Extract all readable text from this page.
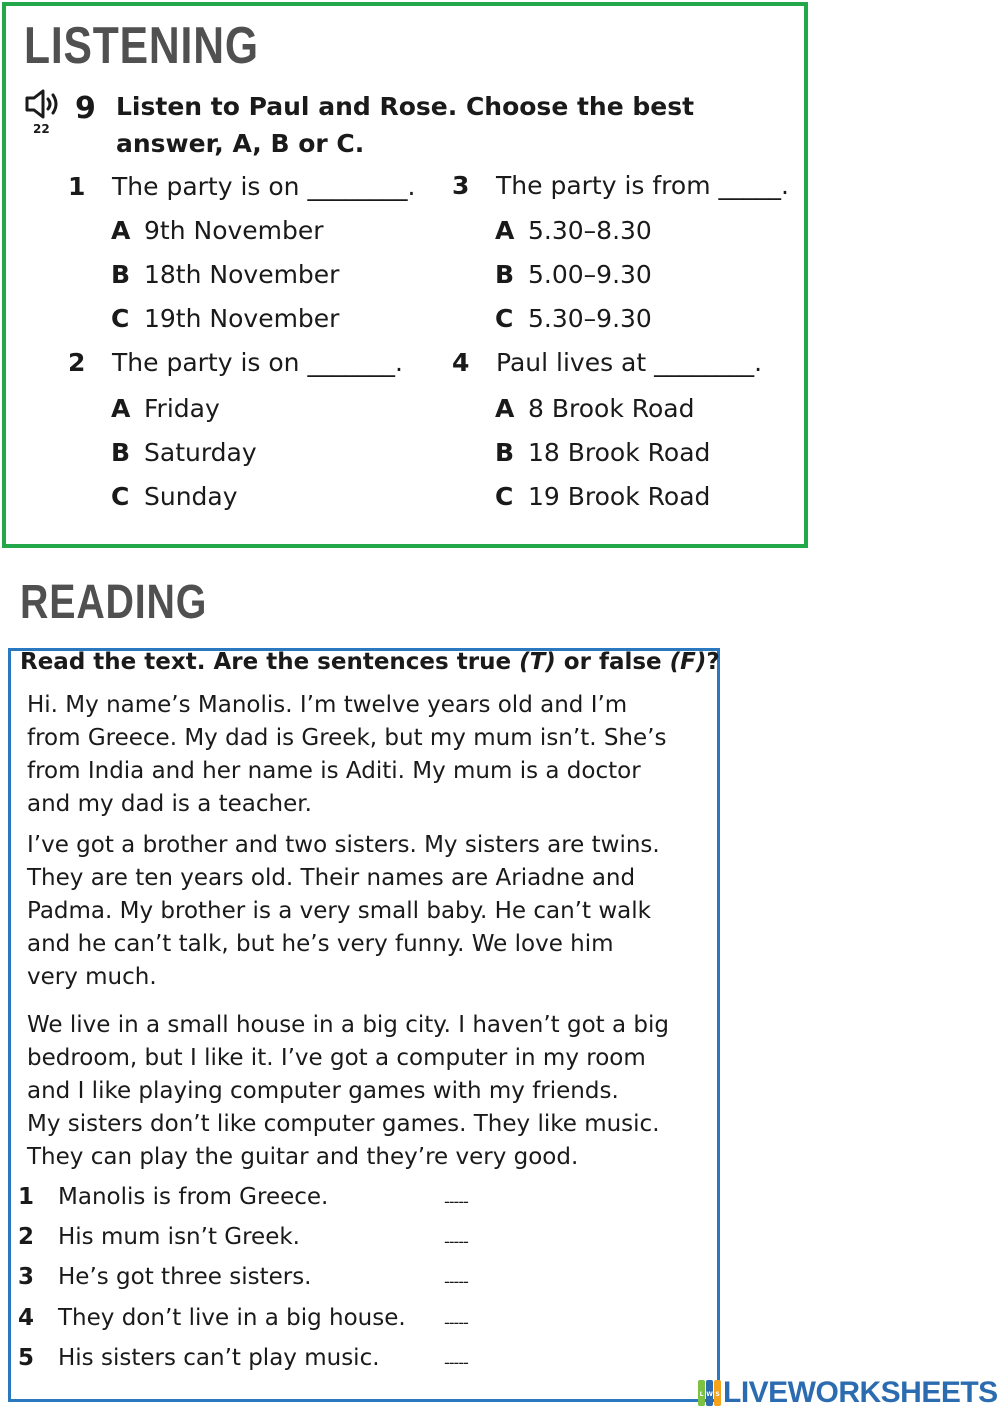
LISTENING
22
9 Listen to Paul and Rose. Choose the best answer, A, B or C.
1 The party is on ________.
A 9th November
B 18th November
C 19th November
2 The party is on _______.
A Friday
B Saturday
C Sunday
3 The party is from _____.
A 5.30–8.30
B 5.00–9.30
C 5.30–9.30
4 Paul lives at ________.
A 8 Brook Road
B 18 Brook Road
C 19 Brook Road
READING
Read the text. Are the sentences true (T) or false (F)?
Hi. My name’s Manolis. I’m twelve years old and I’m
from Greece. My dad is Greek, but my mum isn’t. She’s
from India and her name is Aditi. My mum is a doctor
and my dad is a teacher.
I’ve got a brother and two sisters. My sisters are twins.
They are ten years old. Their names are Ariadne and
Padma. My brother is a very small baby. He can’t walk
and he can’t talk, but he’s very funny. We love him
very much.
We live in a small house in a big city. I haven’t got a big
bedroom, but I like it. I’ve got a computer in my room
and I like playing computer games with my friends.
My sisters don’t like computer games. They like music.
They can play the guitar and they’re very good.
1 Manolis is from Greece.	-----
2 His mum isn’t Greek.	-----
3 He’s got three sisters.	-----
4 They don’t live in a big house. -----
5 His sisters can’t play music.	-----
L W S LIVEWORKSHEETS
